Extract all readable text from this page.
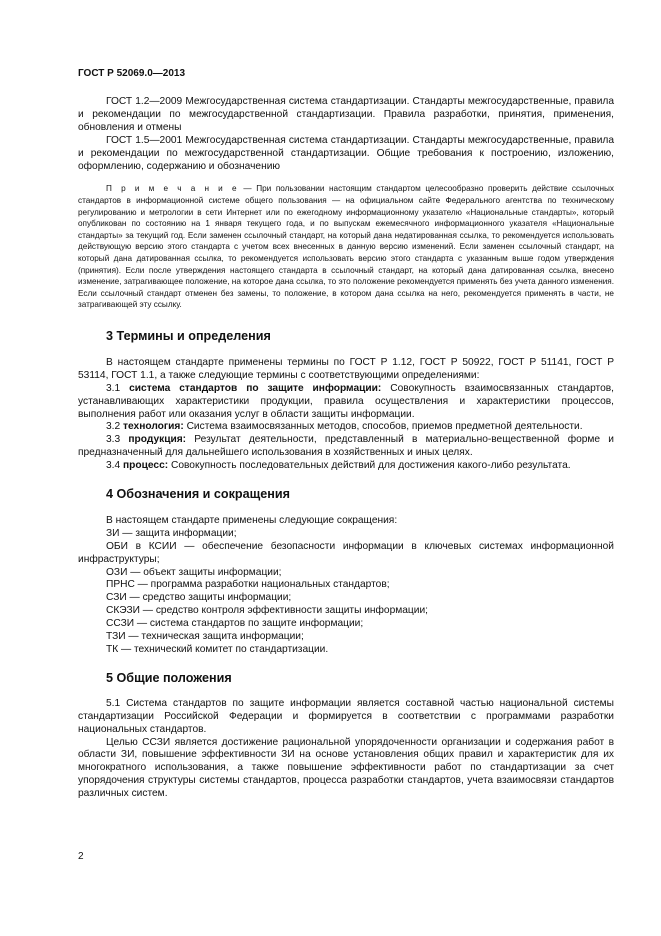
ГОСТ Р 52069.0—2013

ГОСТ 1.2—2009 Межгосударственная система стандартизации. Стандарты межгосударственные, правила и рекомендации по межгосударственной стандартизации. Правила разработки, принятия, применения, обновления и отмены

ГОСТ 1.5—2001 Межгосударственная система стандартизации. Стандарты межгосударственные, правила и рекомендации по межгосударственной стандартизации. Общие требования к построению, изложению, оформлению, содержанию и обозначению

П р и м е ч а н и е — При пользовании настоящим стандартом целесообразно проверить действие ссылочных стандартов в информационной системе общего пользования — на официальном сайте Федерального агентства по техническому регулированию и метрологии в сети Интернет или по ежегодному информационному указателю «Национальные стандарты», который опубликован по состоянию на 1 января текущего года, и по выпускам ежемесячного информационного указателя «Национальные стандарты» за текущий год. Если заменен ссылочный стандарт, на который дана недатированная ссылка, то рекомендуется использовать действующую версию этого стандарта с учетом всех внесенных в данную версию изменений. Если заменен ссылочный стандарт, на который дана датированная ссылка, то рекомендуется использовать версию этого стандарта с указанным выше годом утверждения (принятия). Если после утверждения настоящего стандарта в ссылочный стандарт, на который дана датированная ссылка, внесено изменение, затрагивающее положение, на которое дана ссылка, то это положение рекомендуется применять без учета данного изменения. Если ссылочный стандарт отменен без замены, то положение, в котором дана ссылка на него, рекомендуется применять в части, не затрагивающей эту ссылку.

3 Термины и определения

В настоящем стандарте применены термины по ГОСТ Р 1.12, ГОСТ Р 50922, ГОСТ Р 51141, ГОСТ Р 53114, ГОСТ 1.1, а также следующие термины с соответствующими определениями:

3.1 система стандартов по защите информации: Совокупность взаимосвязанных стандартов, устанавливающих характеристики продукции, правила осуществления и характеристики процессов, выполнения работ или оказания услуг в области защиты информации.

3.2 технология: Система взаимосвязанных методов, способов, приемов предметной деятельности.

3.3 продукция: Результат деятельности, представленный в материально-вещественной форме и предназначенный для дальнейшего использования в хозяйственных и иных целях.

3.4 процесс: Совокупность последовательных действий для достижения какого-либо результата.

4 Обозначения и сокращения

В настоящем стандарте применены следующие сокращения:

ЗИ — защита информации;

ОБИ в КСИИ — обеспечение безопасности информации в ключевых системах информационной инфраструктуры;

ОЗИ — объект защиты информации;

ПРНС — программа разработки национальных стандартов;

СЗИ — средство защиты информации;

СКЭЗИ — средство контроля эффективности защиты информации;

ССЗИ — система стандартов по защите информации;

ТЗИ — техническая защита информации;

ТК — технический комитет по стандартизации.

5 Общие положения

5.1 Система стандартов по защите информации является составной частью национальной системы стандартизации Российской Федерации и формируется в соответствии с программами разработки национальных стандартов.

Целью ССЗИ является достижение рациональной упорядоченности организации и содержания работ в области ЗИ, повышение эффективности ЗИ на основе установления общих правил и характеристик для их многократного использования, а также повышение эффективности работ по стандартизации за счет упорядочения структуры системы стандартов, процесса разработки стандартов, учета взаимосвязи стандартов различных систем.

2
